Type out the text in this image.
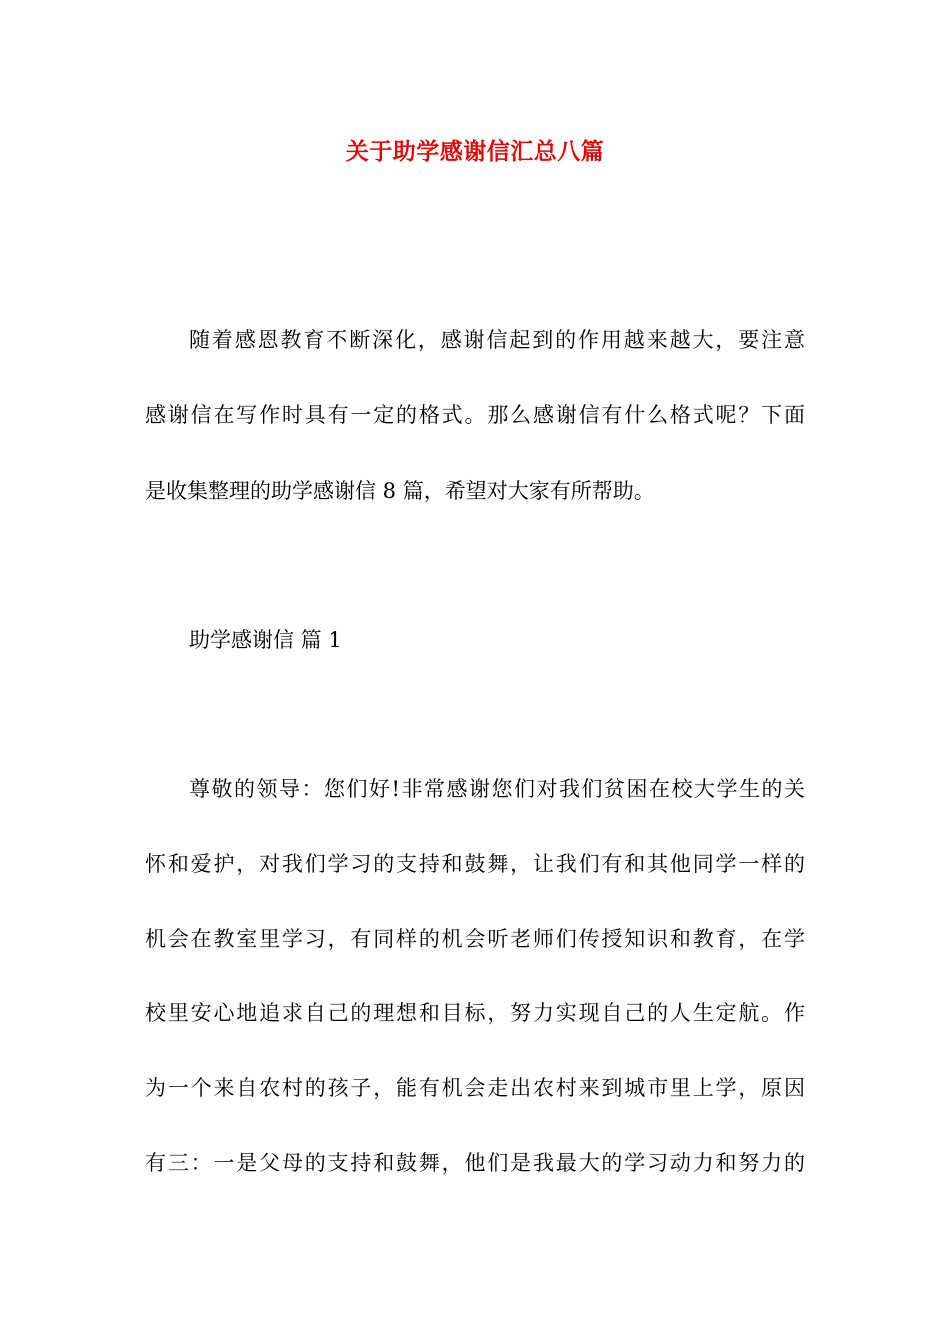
关于助学感谢信汇总八篇
随着感恩教育不断深化，感谢信起到的作用越来越大，要注意
感谢信在写作时具有一定的格式。那么感谢信有什么格式呢？下面
是收集整理的助学感谢信 8 篇，希望对大家有所帮助。
助学感谢信 篇 1
尊敬的领导：您们好!非常感谢您们对我们贫困在校大学生的关
怀和爱护，对我们学习的支持和鼓舞，让我们有和其他同学一样的
机会在教室里学习，有同样的机会听老师们传授知识和教育，在学
校里安心地追求自己的理想和目标，努力实现自己的人生定航。作
为一个来自农村的孩子，能有机会走出农村来到城市里上学，原因
有三：一是父母的支持和鼓舞，他们是我最大的学习动力和努力的
